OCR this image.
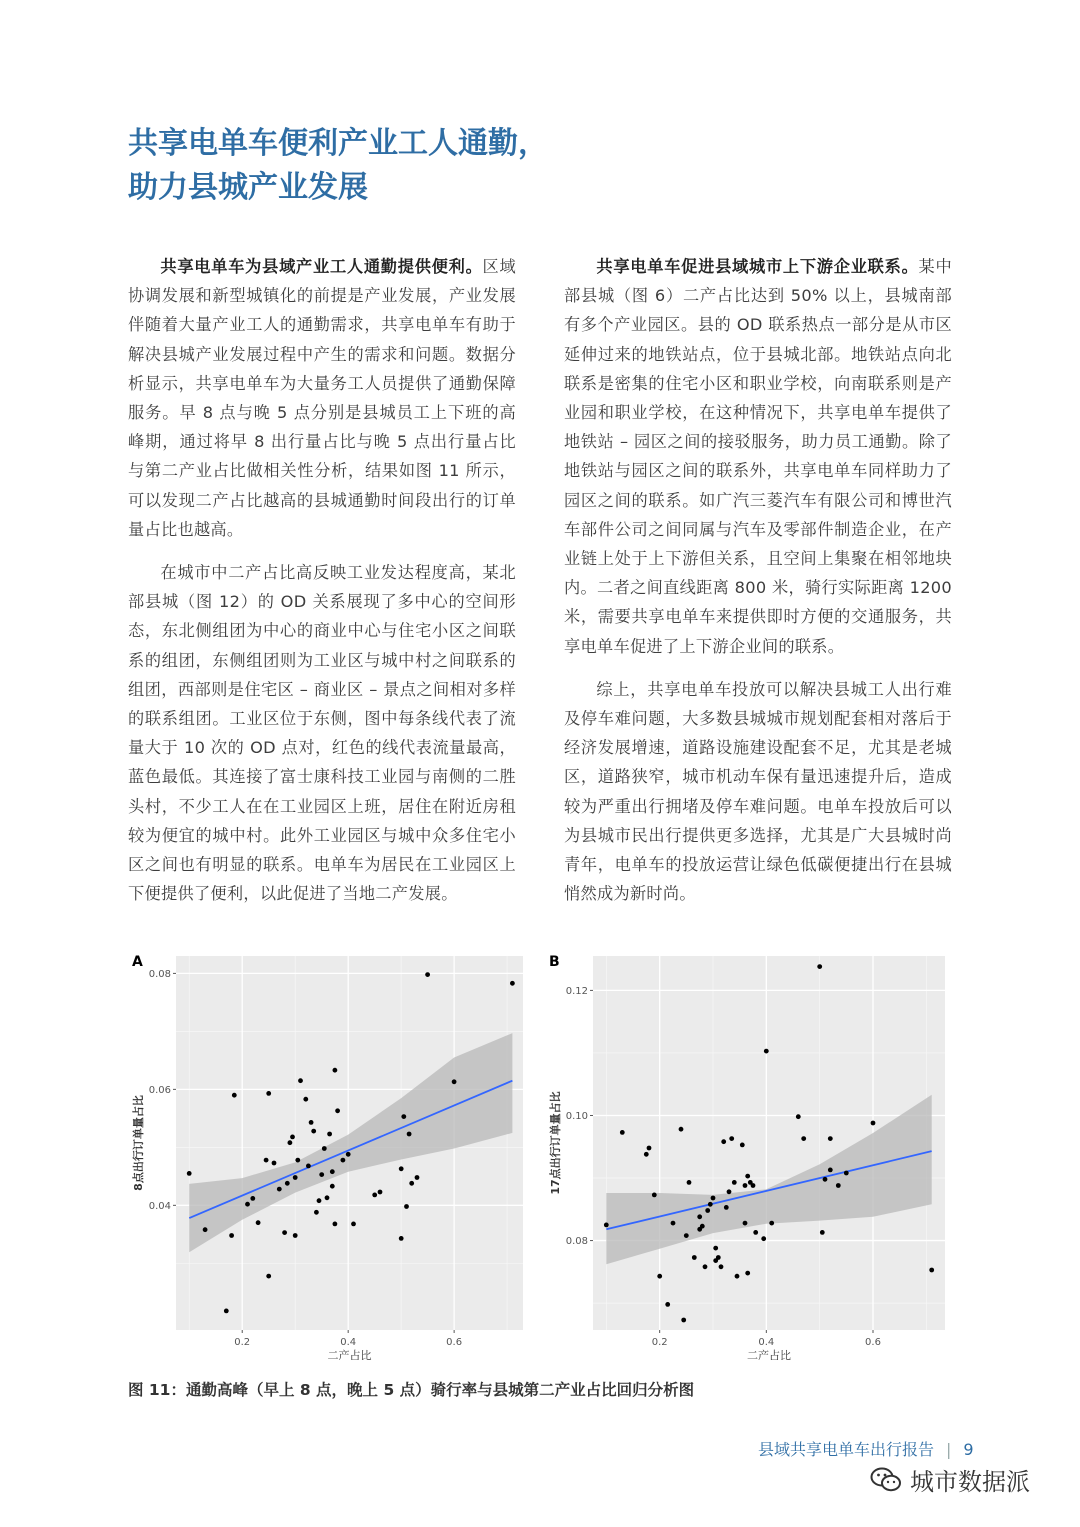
共享电单车便利产业工人通勤，
助力县城产业发展

共享电单车为县域产业工人通勤提供便利。区域协调发展和新型城镇化的前提是产业发展，产业发展伴随着大量产业工人的通勤需求，共享电单车有助于解决县城产业发展过程中产生的需求和问题。数据分析显示，共享电单车为大量务工人员提供了通勤保障服务。早 8 点与晚 5 点分别是县城员工上下班的高峰期，通过将早 8 出行量占比与晚 5 点出行量占比与第二产业占比做相关性分析，结果如图 11 所示，可以发现二产占比越高的县城通勤时间段出行的订单量占比也越高。

在城市中二产占比高反映工业发达程度高，某北部县城（图 12）的 OD 关系展现了多中心的空间形态，东北侧组团为中心的商业中心与住宅小区之间联系的组团，东侧组团则为工业区与城中村之间联系的组团，西部则是住宅区 – 商业区 – 景点之间相对多样的联系组团。工业区位于东侧，图中每条线代表了流量大于 10 次的 OD 点对，红色的线代表流量最高，蓝色最低。其连接了富士康科技工业园与南侧的二胜头村，不少工人在在工业园区上班，居住在附近房租较为便宜的城中村。此外工业园区与城中众多住宅小区之间也有明显的联系。电单车为居民在工业园区上下便提供了便利，以此促进了当地二产发展。

共享电单车促进县域城市上下游企业联系。某中部县城（图 6）二产占比达到 50% 以上，县城南部有多个产业园区。县的 OD 联系热点一部分是从市区延伸过来的地铁站点，位于县城北部。地铁站点向北联系是密集的住宅小区和职业学校，向南联系则是产业园和职业学校，在这种情况下，共享电单车提供了地铁站 – 园区之间的接驳服务，助力员工通勤。除了地铁站与园区之间的联系外，共享电单车同样助力了园区之间的联系。如广汽三菱汽车有限公司和博世汽车部件公司之间同属与汽车及零部件制造企业，在产业链上处于上下游但关系，且空间上集聚在相邻地块内。二者之间直线距离 800 米，骑行实际距离 1200 米，需要共享电单车来提供即时方便的交通服务，共享电单车促进了上下游企业间的联系。

综上，共享电单车投放可以解决县城工人出行难及停车难问题，大多数县城城市规划配套相对落后于经济发展增速，道路设施建设配套不足，尤其是老城区，道路狭窄，城市机动车保有量迅速提升后，造成较为严重出行拥堵及停车难问题。电单车投放后可以为县城市民出行提供更多选择，尤其是广大县城时尚青年，电单车的投放运营让绿色低碳便捷出行在县城悄然成为新时尚。

0.2	0.4	0.6
0.04
0.06
0.08
A
二产占比
8点出行订单量占比
0.2	0.4	0.6
0.08
0.10
0.12
B
二产占比
17点出行订单量占比
图 11：通勤高峰（早上 8 点，晚上 5 点）骑行率与县城第二产业占比回归分析图
县域共享电单车出行报告 | 9
城市数据派
